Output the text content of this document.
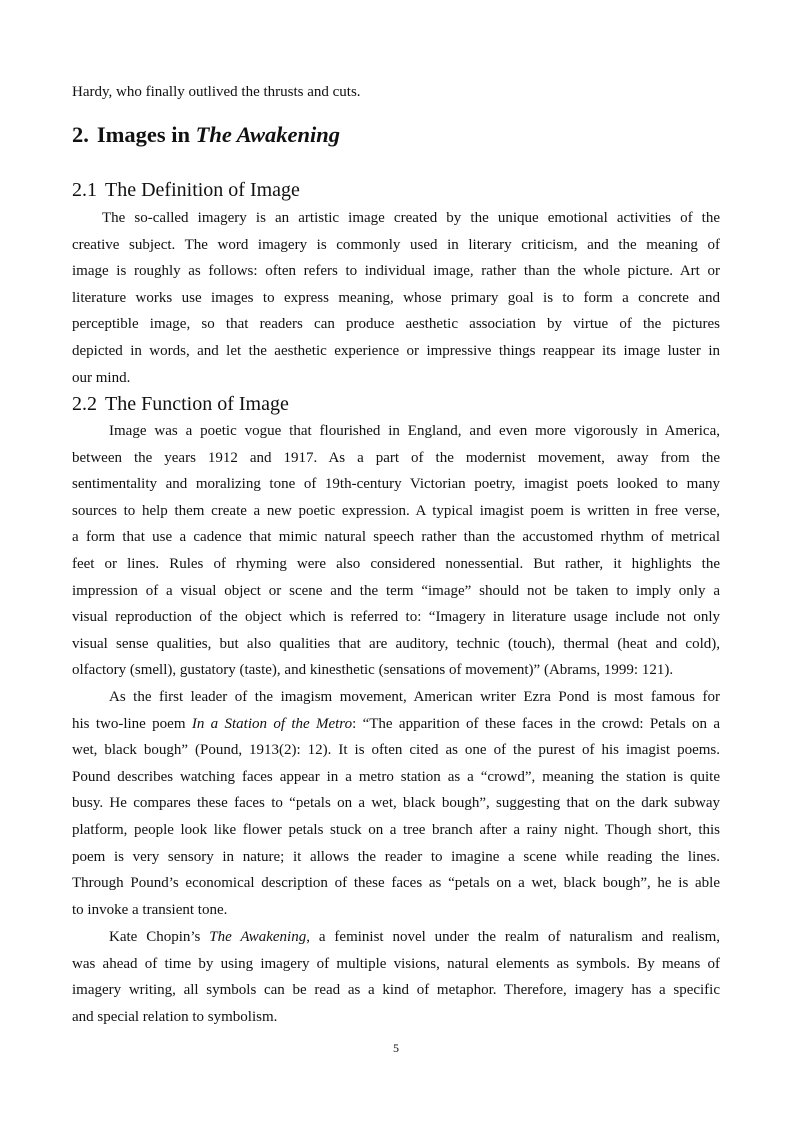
Hardy, who finally outlived the thrusts and cuts.
2. Images in The Awakening
2.1 The Definition of Image
The so-called imagery is an artistic image created by the unique emotional activities of the
creative subject. The word imagery is commonly used in literary criticism, and the meaning of
image is roughly as follows: often refers to individual image, rather than the whole picture. Art or
literature works use images to express meaning, whose primary goal is to form a concrete and
perceptible image, so that readers can produce aesthetic association by virtue of the pictures
depicted in words, and let the aesthetic experience or impressive things reappear its image luster in
our mind.
2.2 The Function of Image
Image was a poetic vogue that flourished in England, and even more vigorously in America,
between the years 1912 and 1917. As a part of the modernist movement, away from the
sentimentality and moralizing tone of 19th-century Victorian poetry, imagist poets looked to many
sources to help them create a new poetic expression. A typical imagist poem is written in free verse,
a form that use a cadence that mimic natural speech rather than the accustomed rhythm of metrical
feet or lines. Rules of rhyming were also considered nonessential. But rather, it highlights the
impression of a visual object or scene and the term “image” should not be taken to imply only a
visual reproduction of the object which is referred to: “Imagery in literature usage include not only
visual sense qualities, but also qualities that are auditory, technic (touch), thermal (heat and cold),
olfactory (smell), gustatory (taste), and kinesthetic (sensations of movement)” (Abrams, 1999: 121).
As the first leader of the imagism movement, American writer Ezra Pond is most famous for
his two-line poem In a Station of the Metro: “The apparition of these faces in the crowd: Petals on a
wet, black bough” (Pound, 1913(2): 12). It is often cited as one of the purest of his imagist poems.
Pound describes watching faces appear in a metro station as a “crowd”, meaning the station is quite
busy. He compares these faces to “petals on a wet, black bough”, suggesting that on the dark subway
platform, people look like flower petals stuck on a tree branch after a rainy night. Though short, this
poem is very sensory in nature; it allows the reader to imagine a scene while reading the lines.
Through Pound’s economical description of these faces as “petals on a wet, black bough”, he is able
to invoke a transient tone.
Kate Chopin’s The Awakening, a feminist novel under the realm of naturalism and realism,
was ahead of time by using imagery of multiple visions, natural elements as symbols. By means of
imagery writing, all symbols can be read as a kind of metaphor. Therefore, imagery has a specific
and special relation to symbolism.
5
